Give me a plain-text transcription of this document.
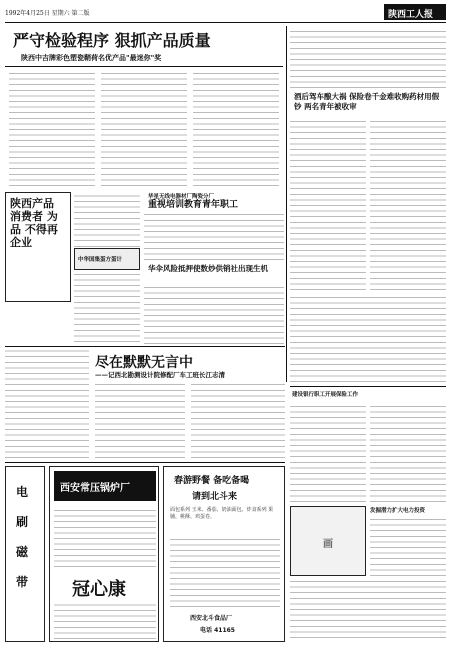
1992年4月25日 星期六 第二版	陕西工人报
严守检验程序 狠抓产品质量
陕西中吉牌彩色塑瓷鞘荷名优产品"最迷你"奖
酒后驾车酿大祸 保险卷千金难收购药材用假钞 两名青年被收审
陕西产品 消费者 为品 不得再 企业
中华国集蛋方蛋计
华星无线电器材厂陶瓷分厂
重视培训教育青年职工
华伞风险抵押使数炒供销社出现生机
尽在默默无言中
——记西北勘测设计院修配厂车工班长江志清
建设银行职工开展保险工作
发掘潜力扩大电力投资
画
电
刷
磁
带
西安常压锅炉厂
冠心康
春游野餐 备吃备喝
请到北斗来
面包系列 玉米、番茄、奶油面包、炸食系列 果脯、桃酥、鸡蛋卷。
西安北斗食品厂
电话 41165
